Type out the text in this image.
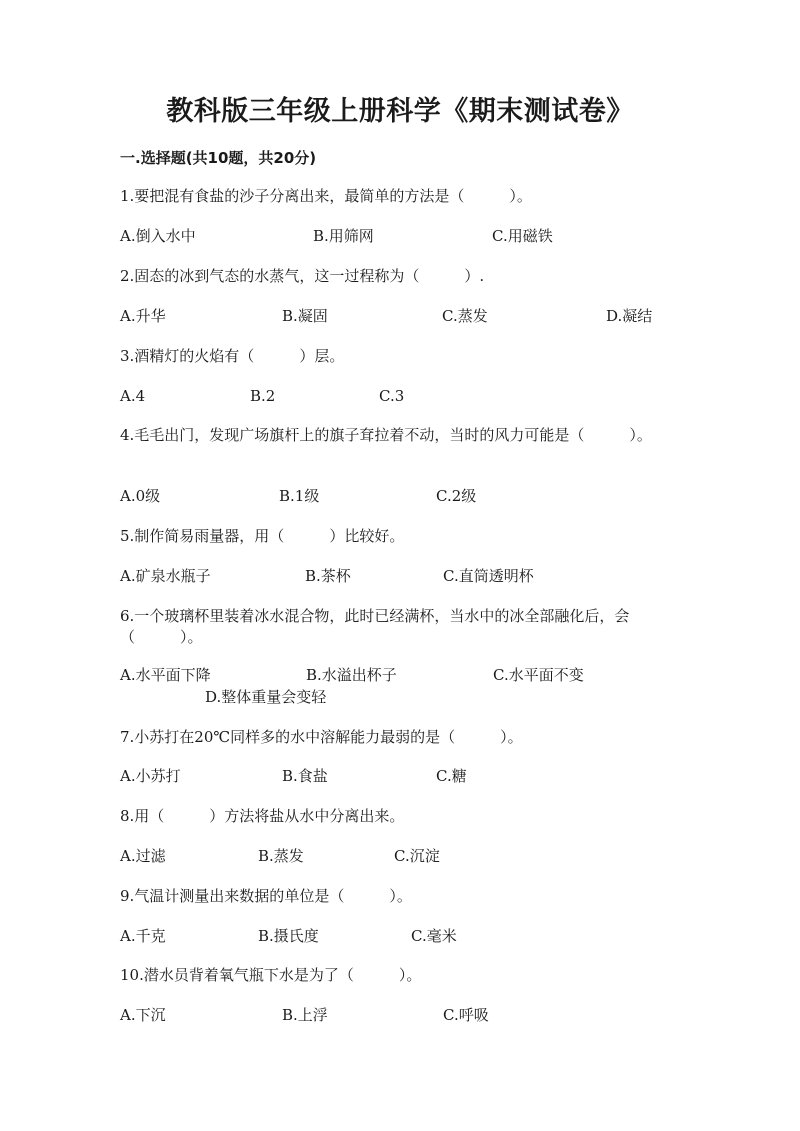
教科版三年级上册科学《期末测试卷》
一.选择题(共10题，共20分)

1.要把混有食盐的沙子分离出来，最简单的方法是（　　　）。

A.倒入水中	B.用筛网	C.用磁铁

2.固态的冰到气态的水蒸气，这一过程称为（　　　）.

A.升华	B.凝固	C.蒸发	D.凝结

3.酒精灯的火焰有（　　　）层。

A.4	B.2	C.3

4.毛毛出门，发现广场旗杆上的旗子耷拉着不动，当时的风力可能是（　　　）。

A.0级	B.1级	C.2级

5.制作简易雨量器，用（　　　）比较好。

A.矿泉水瓶子	B.茶杯	C.直筒透明杯

6.一个玻璃杯里装着冰水混合物，此时已经满杯，当水中的冰全部融化后，会（　　　）。

A.水平面下降	B.水溢出杯子	C.水平面不变
D.整体重量会变轻

7.小苏打在20℃同样多的水中溶解能力最弱的是（　　　）。

A.小苏打	B.食盐	C.糖

8.用（　　　）方法将盐从水中分离出来。

A.过滤	B.蒸发	C.沉淀

9.气温计测量出来数据的单位是（　　　）。

A.千克	B.摄氏度	C.毫米

10.潜水员背着氧气瓶下水是为了（　　　）。

A.下沉	B.上浮	C.呼吸
